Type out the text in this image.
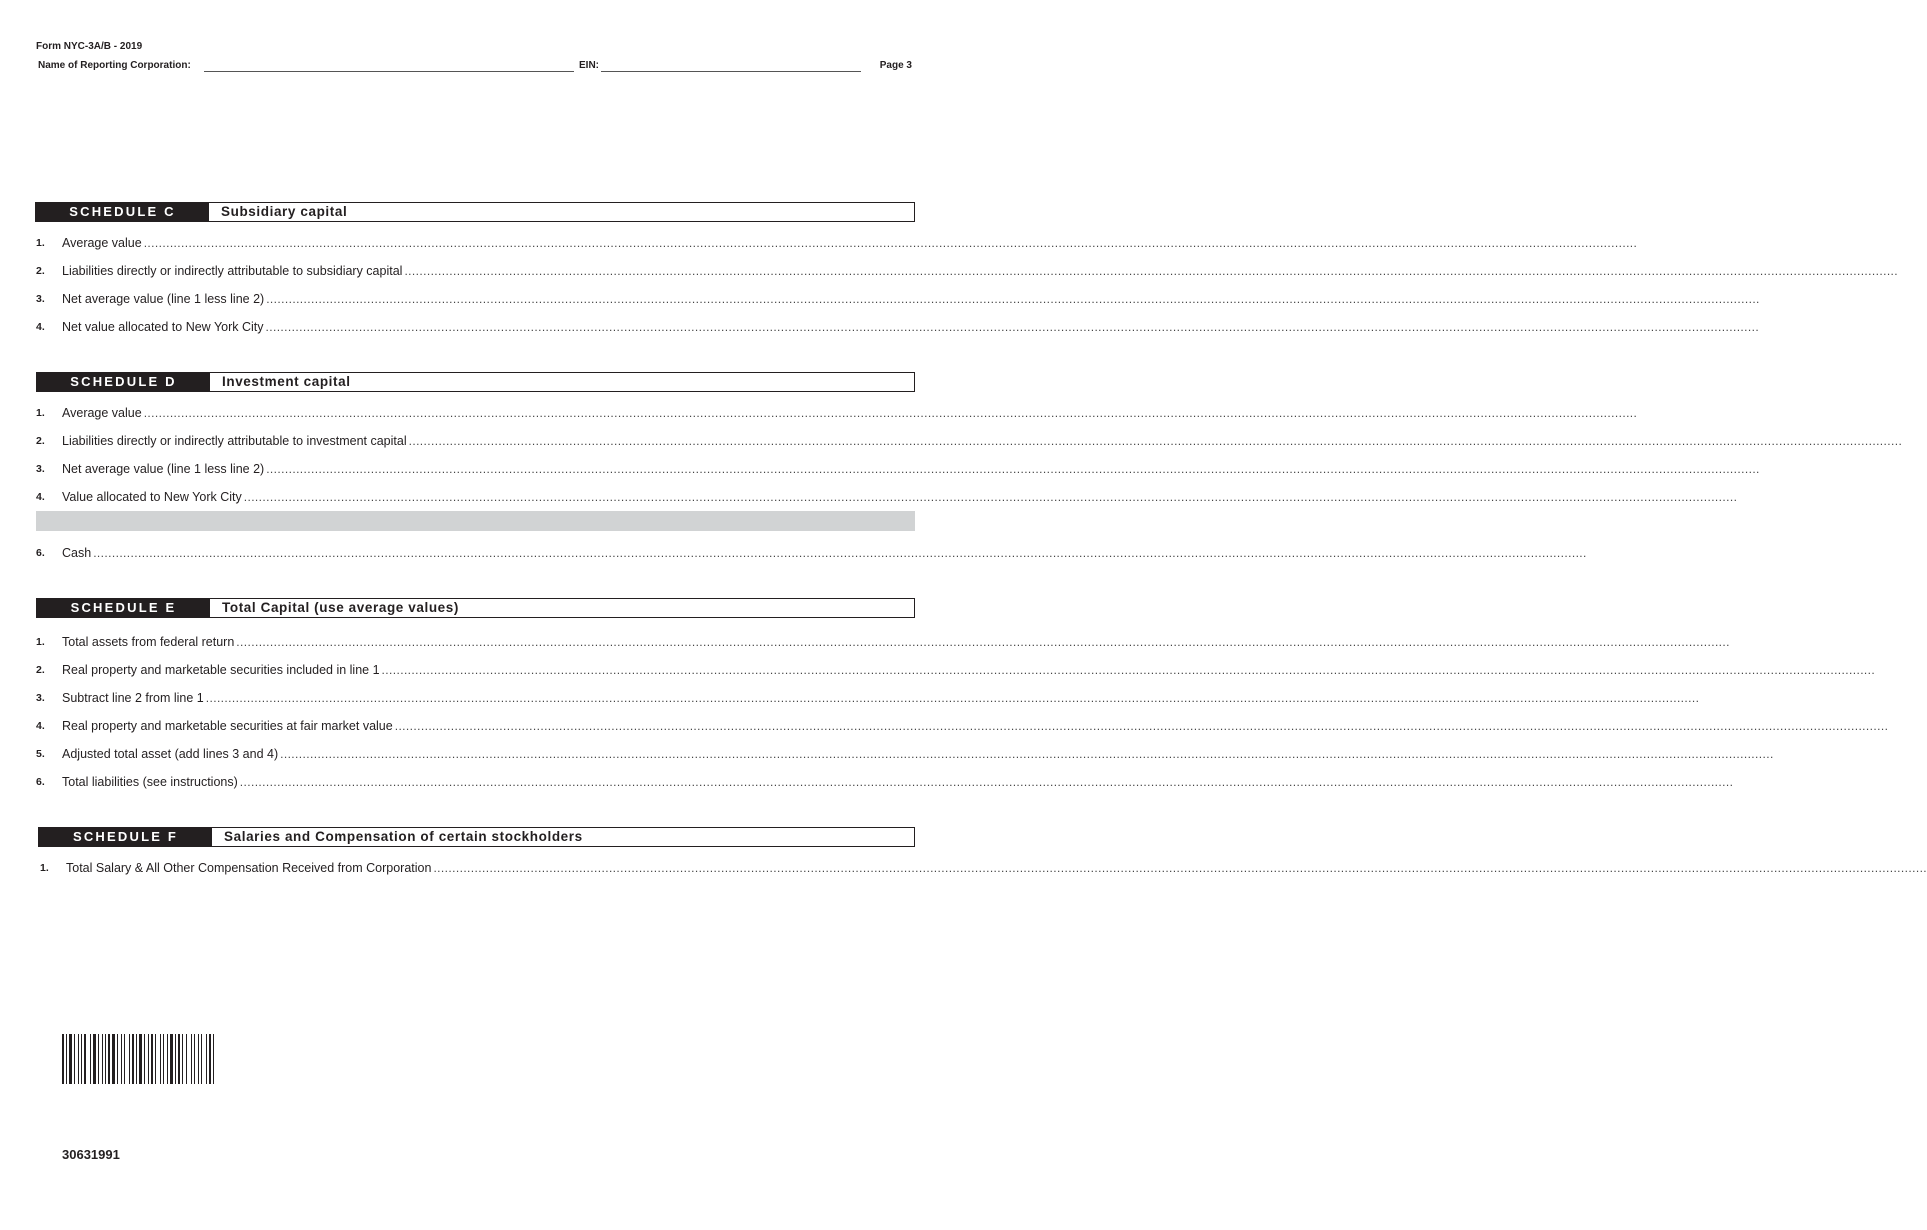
Form NYC-3A/B - 2019
Name of Reporting Corporation:	EIN:	Page 3
SCHEDULE C	Subsidiary capital
1.	Average value ................................................................................................................................................................................................................................................................................................................................................................................................................
2.	Liabilities directly or indirectly attributable to subsidiary capital ................................................................................................................................................................................................................................................................................................................................................................................................................
3.	Net average value (line 1 less line 2) ................................................................................................................................................................................................................................................................................................................................................................................................................
4.	Net value allocated to New York City ................................................................................................................................................................................................................................................................................................................................................................................................................
SCHEDULE D	Investment capital
1.	Average value ................................................................................................................................................................................................................................................................................................................................................................................................................
2.	Liabilities directly or indirectly attributable to investment capital ................................................................................................................................................................................................................................................................................................................................................................................................................
3.	Net average value (line 1 less line 2) ................................................................................................................................................................................................................................................................................................................................................................................................................
4.	Value allocated to New York City ................................................................................................................................................................................................................................................................................................................................................................................................................
6.	Cash ................................................................................................................................................................................................................................................................................................................................................................................................................
SCHEDULE E	Total Capital (use average values)
1.	Total assets from federal return ................................................................................................................................................................................................................................................................................................................................................................................................................
2.	Real property and marketable securities included in line 1 ................................................................................................................................................................................................................................................................................................................................................................................................................
3.	Subtract line 2 from line 1 ................................................................................................................................................................................................................................................................................................................................................................................................................
4.	Real property and marketable securities at fair market value ................................................................................................................................................................................................................................................................................................................................................................................................................
5.	Adjusted total asset (add lines 3 and 4) ................................................................................................................................................................................................................................................................................................................................................................................................................
6.	Total liabilities (see instructions) ................................................................................................................................................................................................................................................................................................................................................................................................................
SCHEDULE F	Salaries and Compensation of certain stockholders
1.	Total Salary & All Other Compensation Received from Corporation ................................................................................................................................................................................................................................................................................................................................................................................................................
30631991
